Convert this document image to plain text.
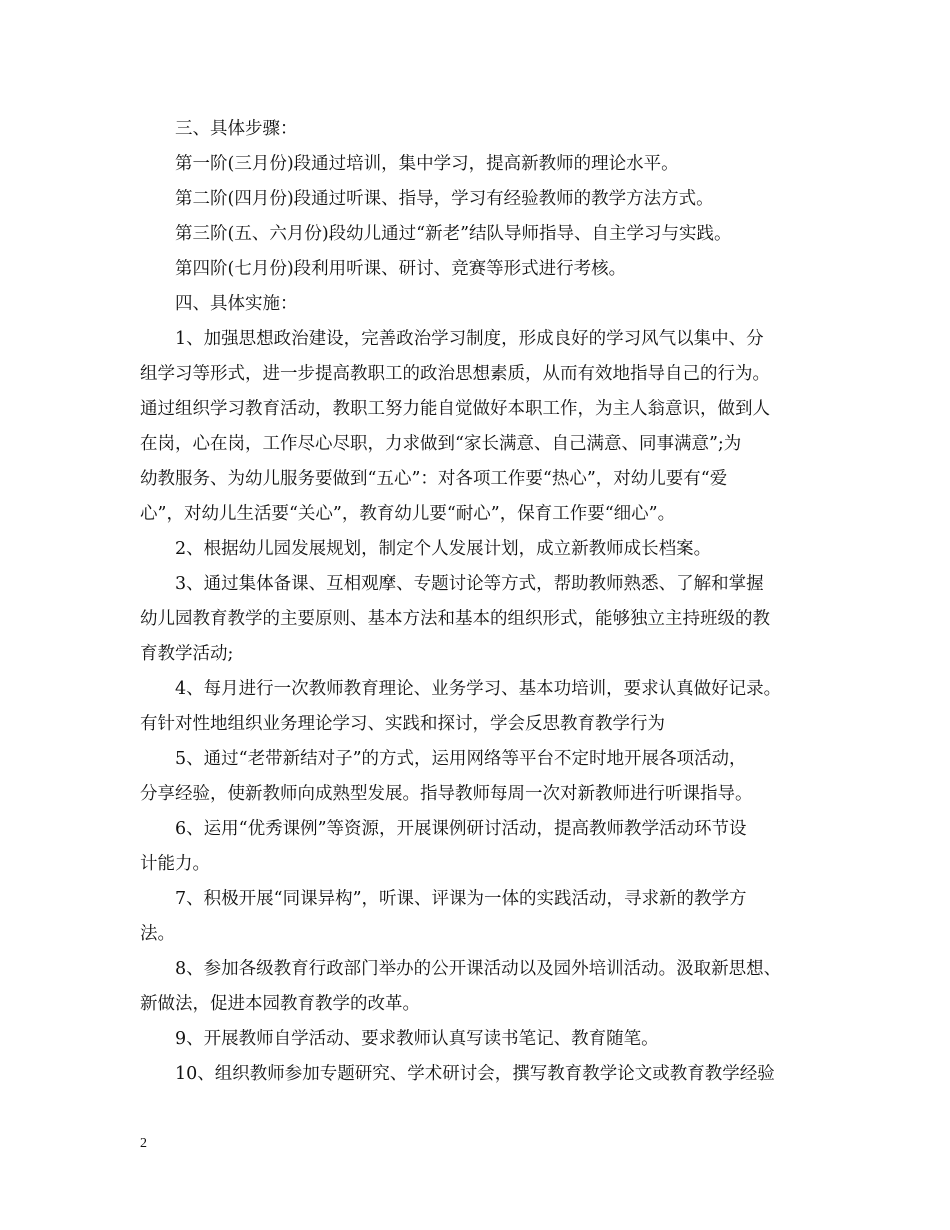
三、具体步骤：
第一阶(三月份)段通过培训，集中学习，提高新教师的理论水平。
第二阶(四月份)段通过听课、指导，学习有经验教师的教学方法方式。
第三阶(五、六月份)段幼儿通过“新老”结队导师指导、自主学习与实践。
第四阶(七月份)段利用听课、研讨、竞赛等形式进行考核。
四、具体实施：
1、加强思想政治建设，完善政治学习制度，形成良好的学习风气以集中、分
组学习等形式，进一步提高教职工的政治思想素质，从而有效地指导自己的行为。
通过组织学习教育活动，教职工努力能自觉做好本职工作，为主人翁意识，做到人
在岗，心在岗，工作尽心尽职，力求做到“家长满意、自己满意、同事满意”;为
幼教服务、为幼儿服务要做到“五心”：对各项工作要“热心”，对幼儿要有“爱
心”，对幼儿生活要“关心”，教育幼儿要“耐心”，保育工作要“细心”。
2、根据幼儿园发展规划，制定个人发展计划，成立新教师成长档案。
3、通过集体备课、互相观摩、专题讨论等方式，帮助教师熟悉、了解和掌握
幼儿园教育教学的主要原则、基本方法和基本的组织形式，能够独立主持班级的教
育教学活动;
4、每月进行一次教师教育理论、业务学习、基本功培训，要求认真做好记录。
有针对性地组织业务理论学习、实践和探讨，学会反思教育教学行为
5、通过“老带新结对子”的方式，运用网络等平台不定时地开展各项活动，
分享经验，使新教师向成熟型发展。指导教师每周一次对新教师进行听课指导。
6、运用“优秀课例”等资源，开展课例研讨活动，提高教师教学活动环节设
计能力。
7、积极开展“同课异构”，听课、评课为一体的实践活动，寻求新的教学方
法。
8、参加各级教育行政部门举办的公开课活动以及园外培训活动。汲取新思想、
新做法，促进本园教育教学的改革。
9、开展教师自学活动、要求教师认真写读书笔记、教育随笔。
10、组织教师参加专题研究、学术研讨会，撰写教育教学论文或教育教学经验
2
